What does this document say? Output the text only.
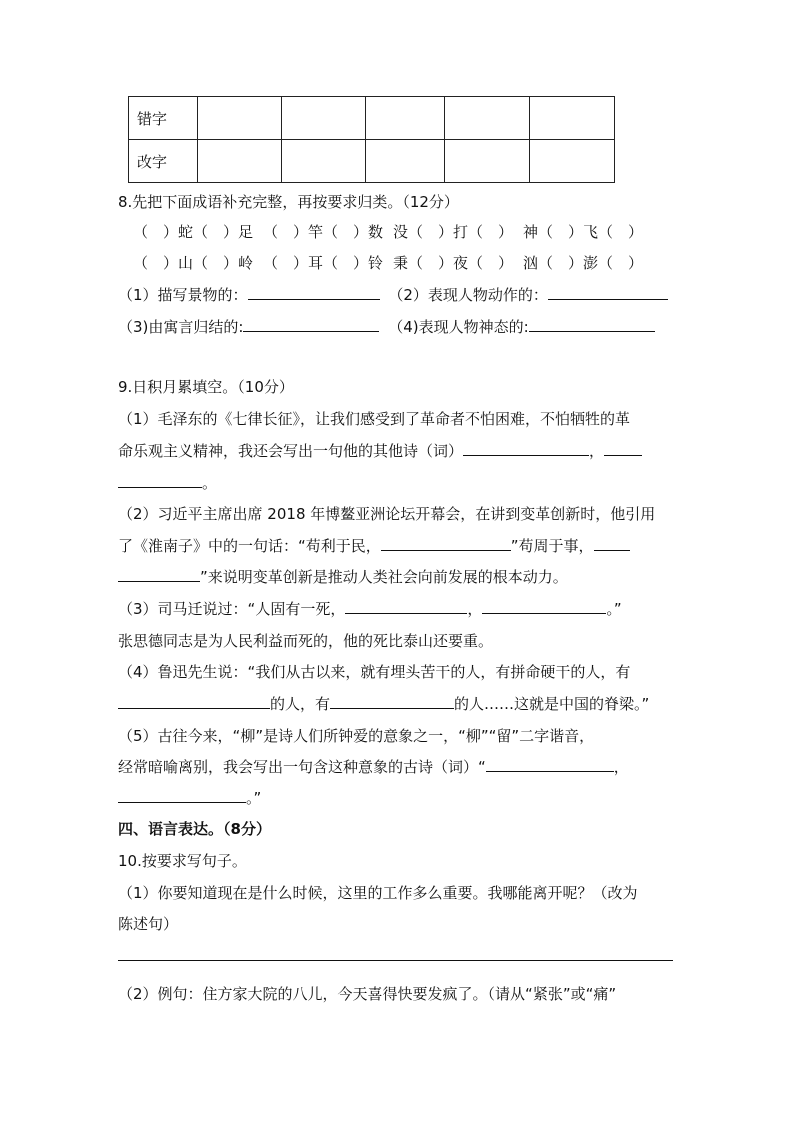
错字					
改字					
8.先把下面成语补充完整，再按要求归类。（12分）
（　）蛇（　）足 （　）竿（　）数 没（　）打（　） 神（　）飞（　）
（　）山（　）岭 （　）耳（　）铃 秉（　）夜（　） 汹（　）澎（　）
（1）描写景物的：	（2）表现人物动作的：
（3)由寓言归结的:	（4)表现人物神态的:
9.日积月累填空。（10分）
（1）毛泽东的《七律长征》，让我们感受到了革命者不怕困难，不怕牺牲的革
命乐观主义精神，我还会写出一句他的其他诗（词）	，
。
（2）习近平主席出席 2018 年博鳌亚洲论坛开幕会，在讲到变革创新时，他引用
了《淮南子》中的一句话：“苟利于民，	”苟周于事，
”来说明变革创新是推动人类社会向前发展的根本动力。
（3）司马迁说过：“人固有一死，	，	。”
张思德同志是为人民利益而死的，他的死比泰山还要重。
（4）鲁迅先生说：“我们从古以来，就有埋头苦干的人，有拼命硬干的人，有
的人，有	的人……这就是中国的脊梁。”
（5）古往今来，“柳”是诗人们所钟爱的意象之一，“柳”“留”二字谐音，
经常暗喻离别，我会写出一句含这种意象的古诗（词）“	，
。”
四、语言表达。（8分）
10.按要求写句子。
（1）你要知道现在是什么时候，这里的工作多么重要。我哪能离开呢？（改为
陈述句）
（2）例句：住方家大院的八儿，今天喜得快要发疯了。（请从“紧张”或“痛”
